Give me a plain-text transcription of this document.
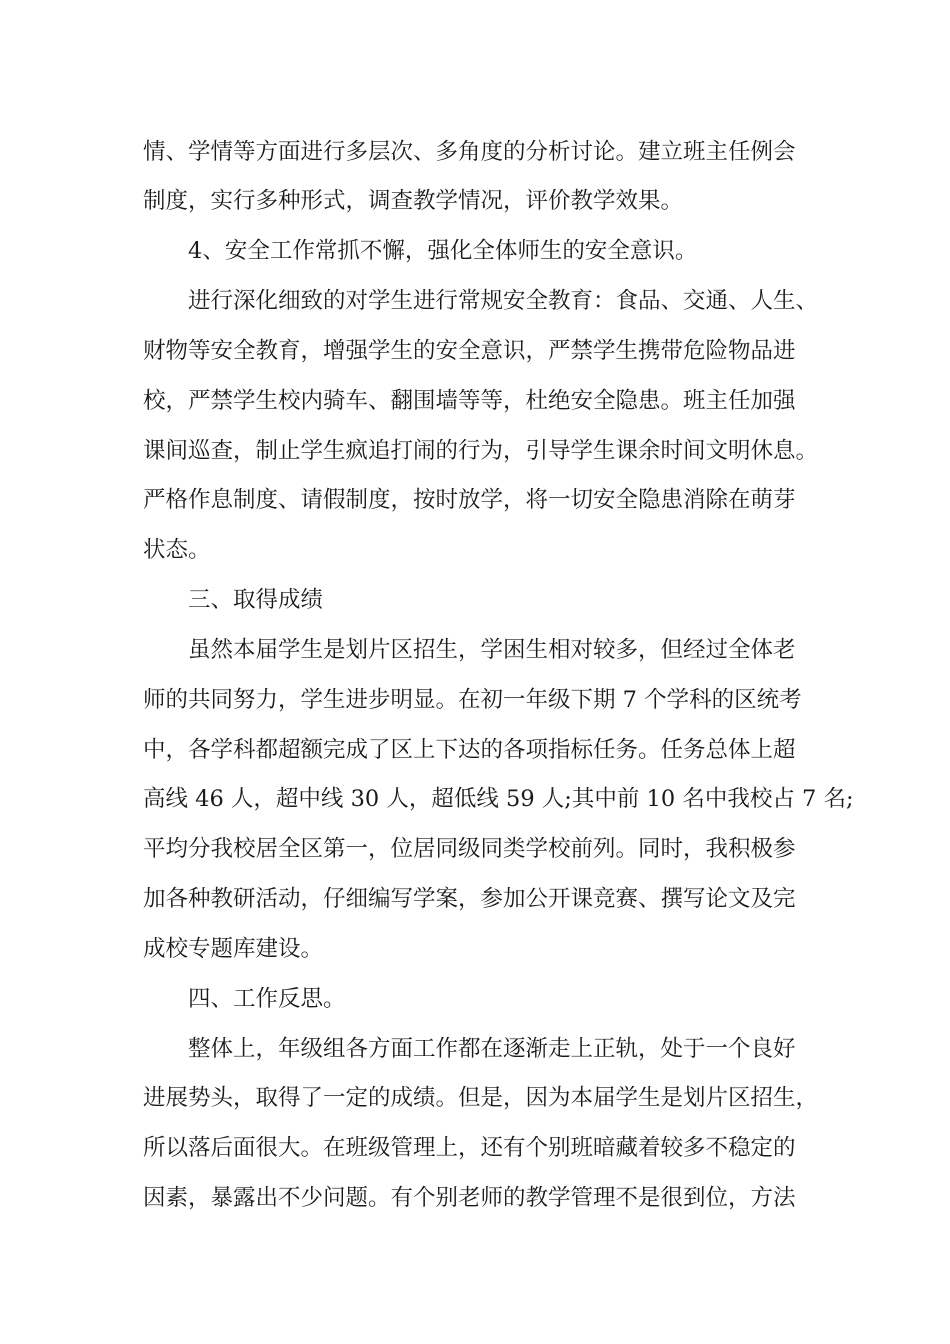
情、学情等方面进行多层次、多角度的分析讨论。建立班主任例会
制度，实行多种形式，调查教学情况，评价教学效果。
4、安全工作常抓不懈，强化全体师生的安全意识。
进行深化细致的对学生进行常规安全教育：食品、交通、人生、
财物等安全教育，增强学生的安全意识，严禁学生携带危险物品进
校，严禁学生校内骑车、翻围墙等等，杜绝安全隐患。班主任加强
课间巡查，制止学生疯追打闹的行为，引导学生课余时间文明休息。
严格作息制度、请假制度，按时放学，将一切安全隐患消除在萌芽
状态。
三、取得成绩
虽然本届学生是划片区招生，学困生相对较多，但经过全体老
师的共同努力，学生进步明显。在初一年级下期 7 个学科的区统考
中，各学科都超额完成了区上下达的各项指标任务。任务总体上超
高线 46 人，超中线 30 人，超低线 59 人;其中前 10 名中我校占 7 名;
平均分我校居全区第一，位居同级同类学校前列。同时，我积极参
加各种教研活动，仔细编写学案，参加公开课竞赛、撰写论文及完
成校专题库建设。
四、工作反思。
整体上，年级组各方面工作都在逐渐走上正轨，处于一个良好
进展势头，取得了一定的成绩。但是，因为本届学生是划片区招生，
所以落后面很大。在班级管理上，还有个别班暗藏着较多不稳定的
因素，暴露出不少问题。有个别老师的教学管理不是很到位，方法
